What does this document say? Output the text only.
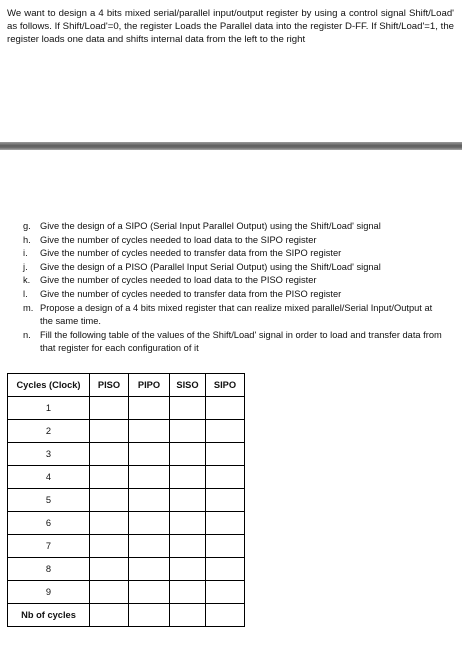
We want to design a 4 bits mixed serial/parallel input/output register by using a control signal Shift/Load' as follows. If Shift/Load'=0, the register Loads the Parallel data into the register D-FF. If Shift/Load'=1, the register loads one data and shifts internal data from the left to the right

g. Give the design of a SIPO (Serial Input Parallel Output) using the Shift/Load' signal
h. Give the number of cycles needed to load data to the SIPO register
i.	Give the number of cycles needed to transfer data from the SIPO register
j.	Give the design of a PISO (Parallel Input Serial Output) using the Shift/Load' signal
k.	Give the number of cycles needed to load data to the PISO register
l.	Give the number of cycles needed to transfer data from the PISO register
m. Propose a design of a 4 bits mixed register that can realize mixed parallel/Serial Input/Output at the same time.
n. Fill the following table of the values of the Shift/Load' signal in order to load and transfer data from that register for each configuration of it
Cycles (Clock)	PISO	PIPO	SISO	SIPO
1				
2				
3				
4				
5				
6				
7				
8				
9				
Nb of cycles				
